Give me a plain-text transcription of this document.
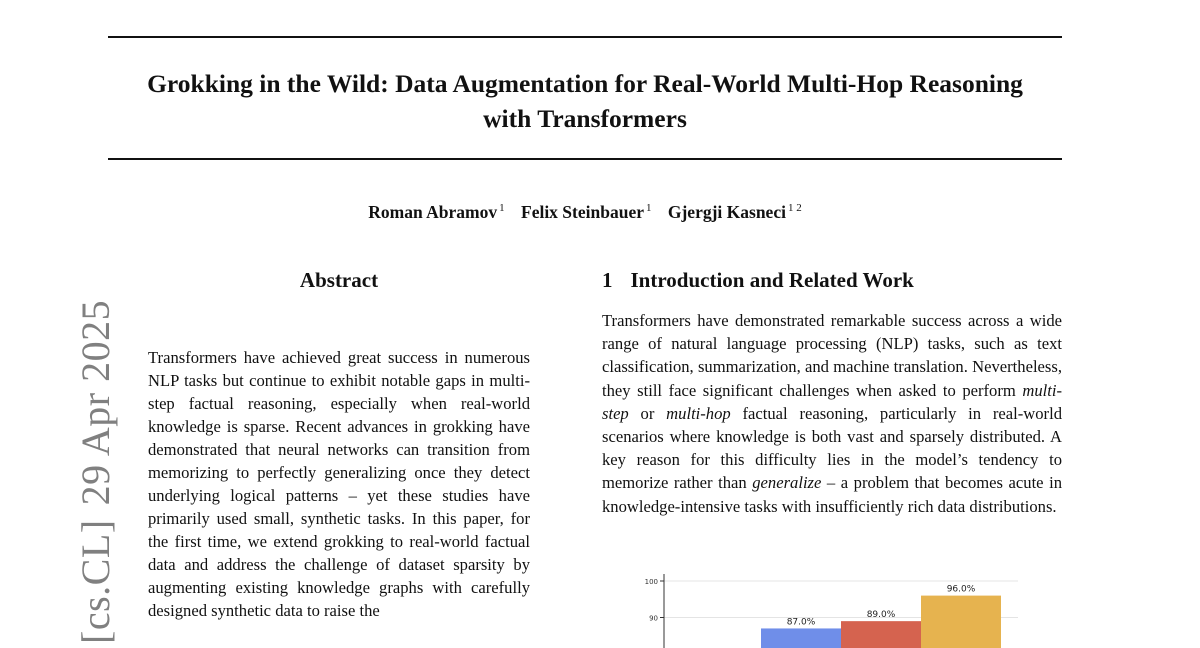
Grokking in the Wild: Data Augmentation for Real-World Multi-Hop Reasoning
with Transformers
Roman Abramov $^1$ Felix Steinbauer $^1$ Gjergji Kasneci $^{1 2}$
[cs.CL]29 Apr 2025
Abstract
Transformers have achieved great success in numerous NLP tasks but continue to exhibit notable gaps in multi-step factual reasoning, especially when real-world knowledge is sparse. Recent advances in grokking have demonstrated that neural networks can transition from memorizing to perfectly generalizing once they detect underlying logical patterns – yet these studies have primarily used small, synthetic tasks. In this paper, for the first time, we extend grokking to real-world factual data and address the challenge of dataset sparsity by augmenting existing knowledge graphs with carefully designed synthetic data to raise the
1 Introduction and Related Work
Transformers have demonstrated remarkable success across a wide range of natural language processing (NLP) tasks, such as text classification, summarization, and machine translation. Nevertheless, they still face significant challenges when asked to perform multi-step or multi-hop factual reasoning, particularly in real-world scenarios where knowledge is both vast and sparsely distributed. A key reason for this difficulty lies in the model’s tendency to memorize rather than generalize – a problem that becomes acute in knowledge-intensive tasks with insufficiently rich data distributions.
100
90	87.0%
89.0%
96.0%
